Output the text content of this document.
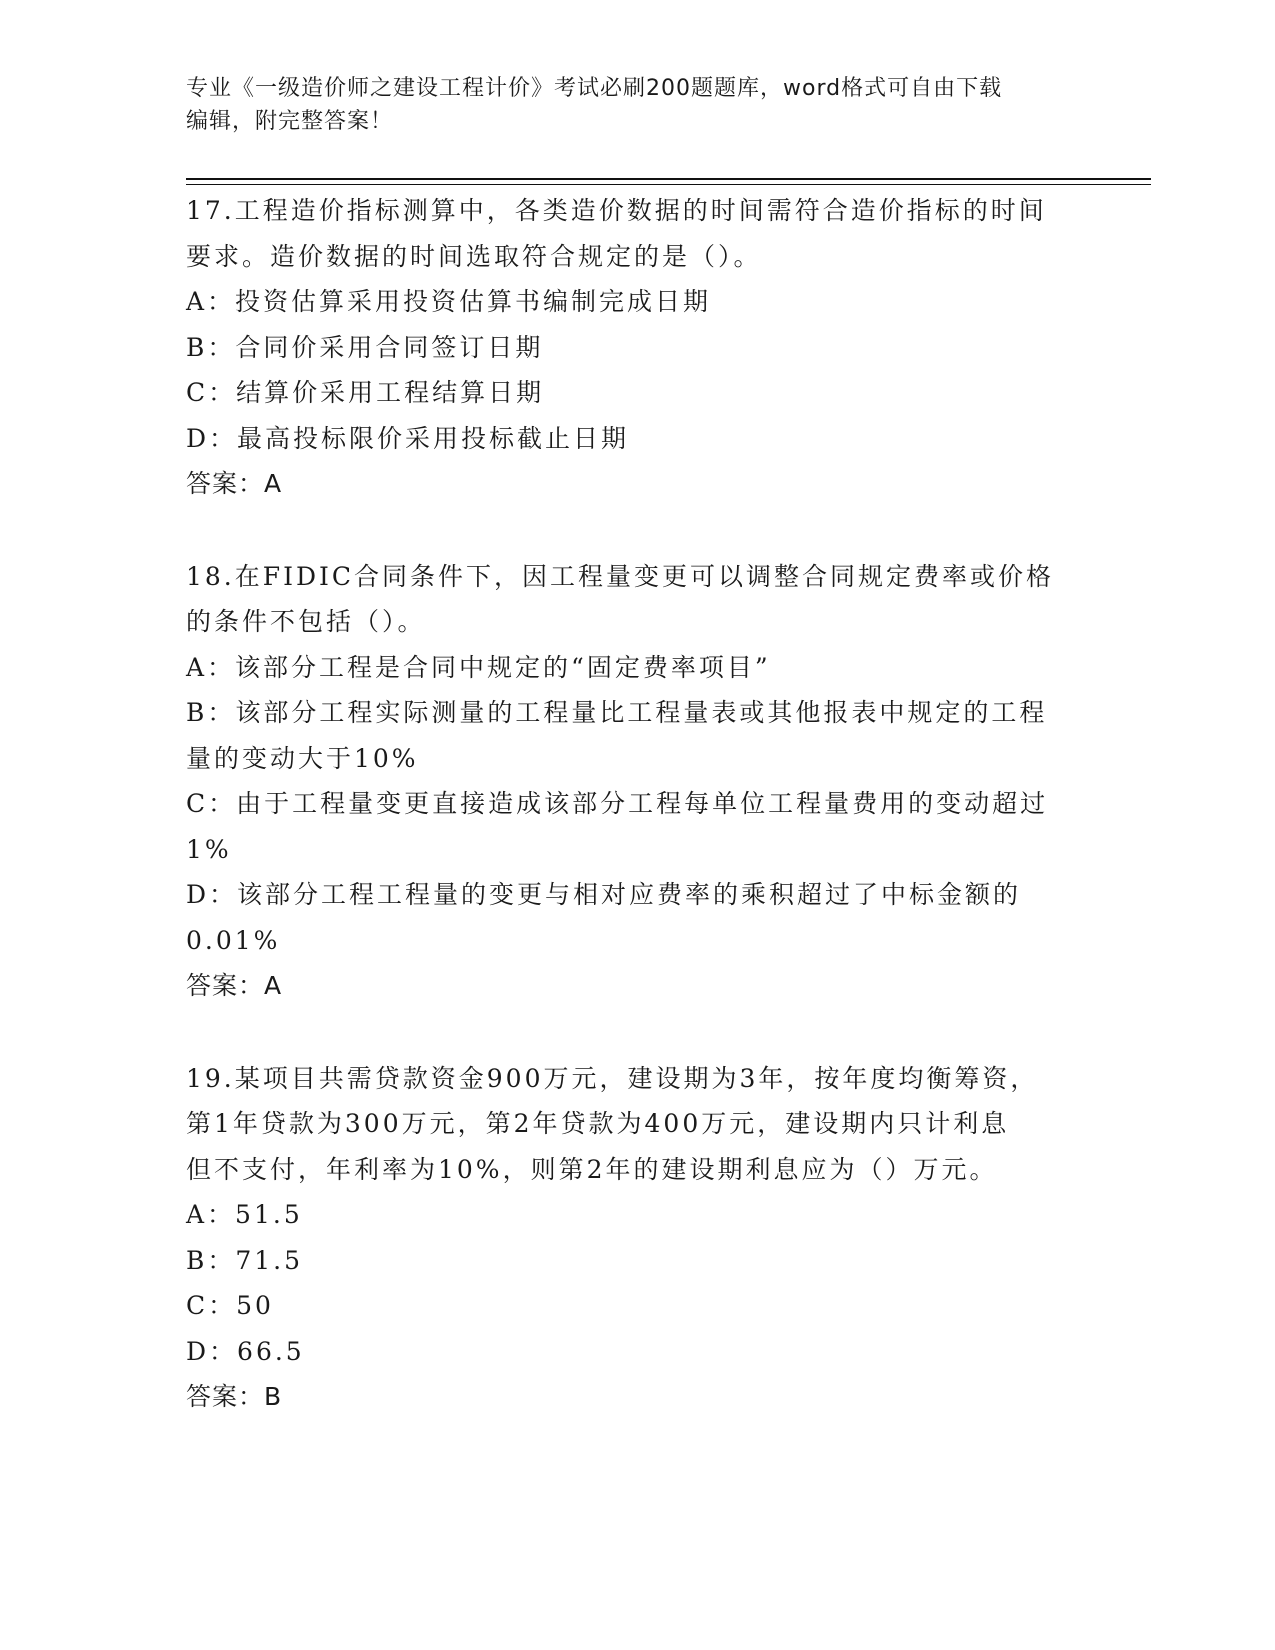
专业《一级造价师之建设工程计价》考试必刷200题题库，word格式可自由下载
编辑，附完整答案！
17.工程造价指标测算中，各类造价数据的时间需符合造价指标的时间
要求。造价数据的时间选取符合规定的是（）。
A：投资估算采用投资估算书编制完成日期
B：合同价采用合同签订日期
C：结算价采用工程结算日期
D：最高投标限价采用投标截止日期
答案：A
18.在FIDIC合同条件下，因工程量变更可以调整合同规定费率或价格
的条件不包括（）。
A：该部分工程是合同中规定的“固定费率项目”
B：该部分工程实际测量的工程量比工程量表或其他报表中规定的工程
量的变动大于10%
C：由于工程量变更直接造成该部分工程每单位工程量费用的变动超过
1%
D：该部分工程工程量的变更与相对应费率的乘积超过了中标金额的
0.01%
答案：A
19.某项目共需贷款资金900万元，建设期为3年，按年度均衡筹资，
第1年贷款为300万元，第2年贷款为400万元，建设期内只计利息
但不支付，年利率为10%，则第2年的建设期利息应为（）万元。
A：51.5
B：71.5
C：50
D：66.5
答案：B
